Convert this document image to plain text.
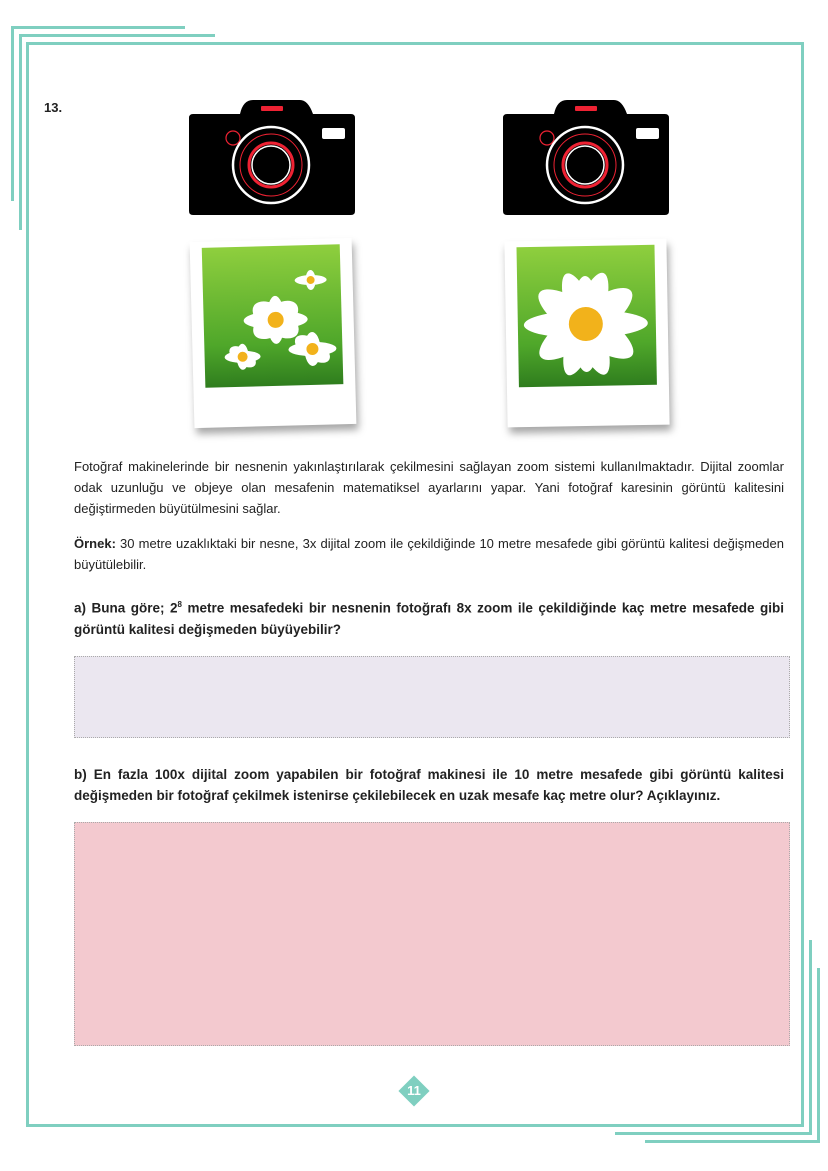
13.
Fotoğraf makinelerinde bir nesnenin yakınlaştırılarak çekilmesini sağlayan zoom sistemi kullanılmaktadır. Dijital zoomlar odak uzunluğu ve objeye olan mesafenin matematiksel ayarlarını yapar. Yani fotoğraf karesinin görüntü kalitesini değiştirmeden büyütülmesini sağlar.
Örnek: 30 metre uzaklıktaki bir nesne, 3x dijital zoom ile çekildiğinde 10 metre mesafede gibi görüntü kalitesi değişmeden büyütülebilir.
a) Buna göre; $2^8$ metre mesafedeki bir nesnenin fotoğrafı 8x zoom ile çekildiğinde kaç metre mesafede gibi görüntü kalitesi değişmeden büyüyebilir?
b) En fazla 100x dijital zoom yapabilen bir fotoğraf makinesi ile 10 metre mesafede gibi görüntü kalitesi değişmeden bir fotoğraf çekilmek istenirse çekilebilecek en uzak mesafe kaç metre olur? Açıklayınız.
11
